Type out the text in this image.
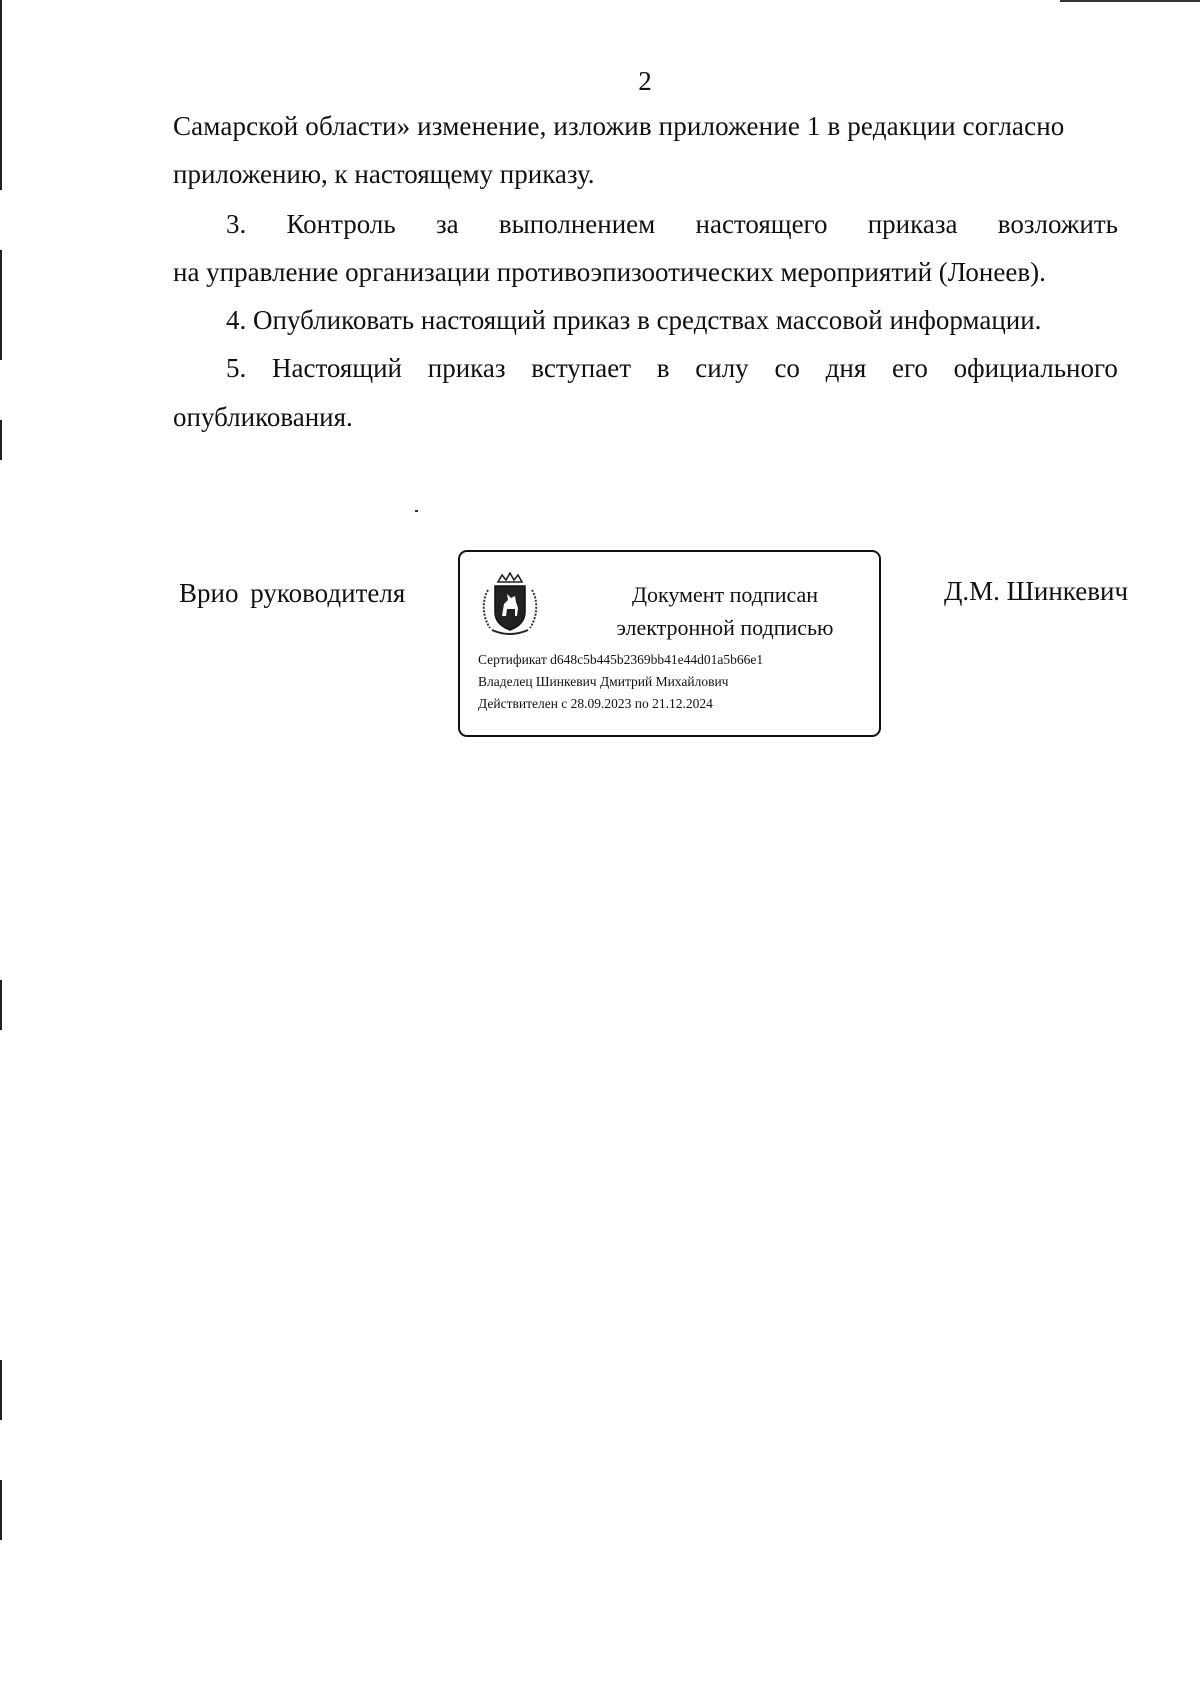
2
Самарской области» изменение, изложив приложение 1 в редакции согласно
приложению, к настоящему приказу.
3. Контроль за выполнением настоящего приказа возложить
на управление организации противоэпизоотических мероприятий (Лонеев).
4. Опубликовать настоящий приказ в средствах массовой информации.
5. Настоящий приказ вступает в силу со дня его официального
опубликования.
Врио руководителя	Документ подписан
электронной подписью
Сертификат d648c5b445b2369bb41e44d01a5b66e1
Владелец Шинкевич Дмитрий Михайлович
Действителен с 28.09.2023 по 21.12.2024
Д.М. Шинкевич
